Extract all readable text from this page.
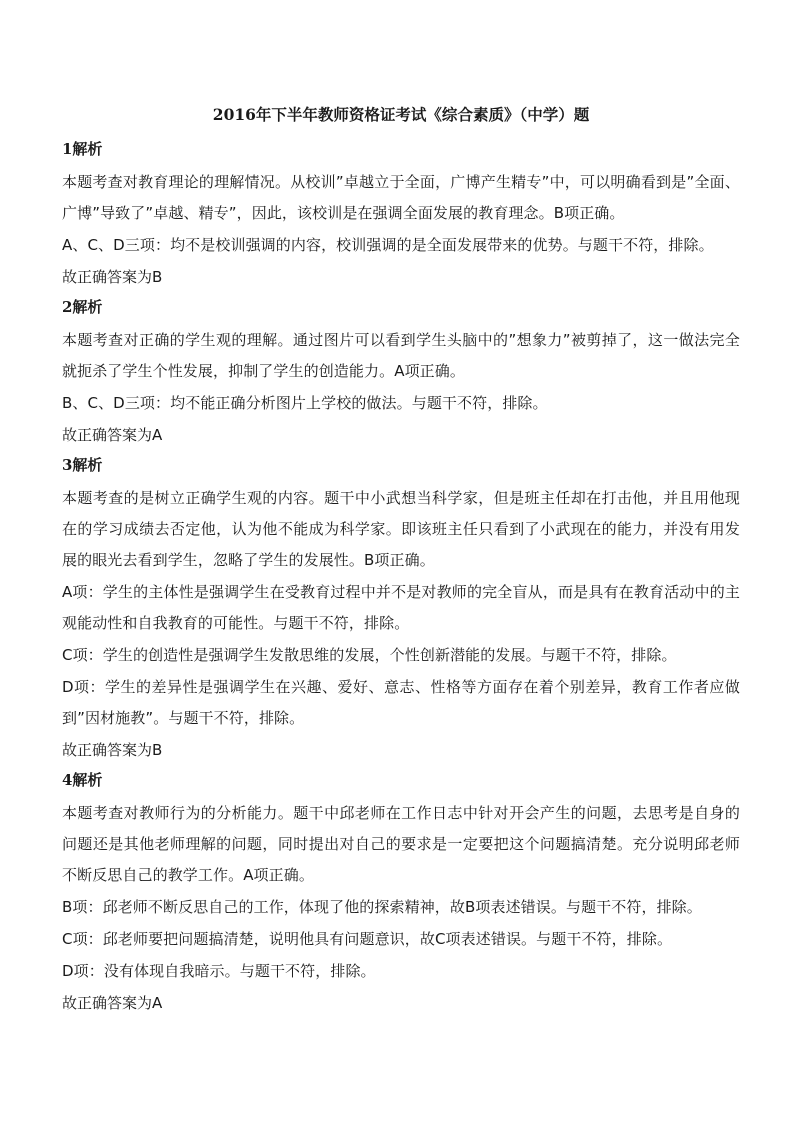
2016年下半年教师资格证考试《综合素质》（中学）题
1解析

本题考查对教育理论的理解情况。从校训”卓越立于全面，广博产生精专”中，可以明确看到是”全面、广博”导致了”卓越、精专”，因此，该校训是在强调全面发展的教育理念。B项正确。

A、C、D三项：均不是校训强调的内容，校训强调的是全面发展带来的优势。与题干不符，排除。

故正确答案为B

2解析

本题考查对正确的学生观的理解。通过图片可以看到学生头脑中的”想象力”被剪掉了，这一做法完全就扼杀了学生个性发展，抑制了学生的创造能力。A项正确。

B、C、D三项：均不能正确分析图片上学校的做法。与题干不符，排除。

故正确答案为A

3解析

本题考查的是树立正确学生观的内容。题干中小武想当科学家，但是班主任却在打击他，并且用他现在的学习成绩去否定他，认为他不能成为科学家。即该班主任只看到了小武现在的能力，并没有用发展的眼光去看到学生，忽略了学生的发展性。B项正确。

A项：学生的主体性是强调学生在受教育过程中并不是对教师的完全盲从，而是具有在教育活动中的主观能动性和自我教育的可能性。与题干不符，排除。

C项：学生的创造性是强调学生发散思维的发展，个性创新潜能的发展。与题干不符，排除。

D项：学生的差异性是强调学生在兴趣、爱好、意志、性格等方面存在着个别差异，教育工作者应做到”因材施教”。与题干不符，排除。

故正确答案为B

4解析

本题考查对教师行为的分析能力。题干中邱老师在工作日志中针对开会产生的问题，去思考是自身的问题还是其他老师理解的问题，同时提出对自己的要求是一定要把这个问题搞清楚。充分说明邱老师不断反思自己的教学工作。A项正确。

B项：邱老师不断反思自己的工作，体现了他的探索精神，故B项表述错误。与题干不符，排除。

C项：邱老师要把问题搞清楚，说明他具有问题意识，故C项表述错误。与题干不符，排除。

D项：没有体现自我暗示。与题干不符，排除。

故正确答案为A
